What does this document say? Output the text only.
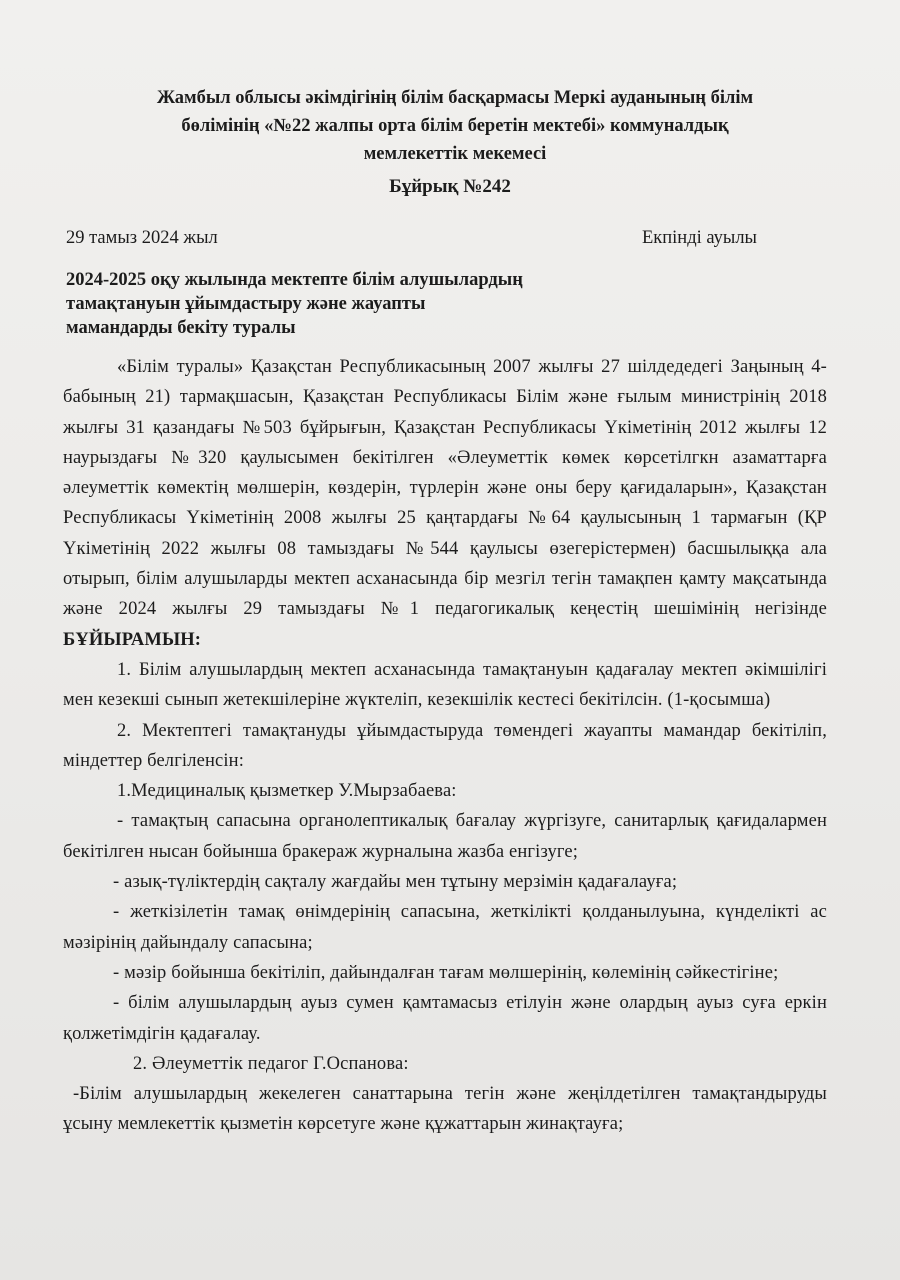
Жамбыл облысы әкімдігінің білім басқармасы Меркі ауданының білім
бөлімінің «№22 жалпы орта білім беретін мектебі» коммуналдық
мемлекеттік мекемесі
Бұйрық №242
29 тамыз 2024 жыл	Екпінді ауылы
2024-2025 оқу жылында мектепте білім алушылардың
тамақтануын ұйымдастыру және жауапты
мамандарды бекіту туралы

«Білім туралы» Қазақстан Республикасының 2007 жылғы 27 шілдедедегі Заңының 4-бабының 21) тармақшасын, Қазақстан Республикасы Білім және ғылым министрінің 2018 жылғы 31 қазандағы №503 бұйрығын, Қазақстан Республикасы Үкіметінің 2012 жылғы 12 наурыздағы №320 қаулысымен бекітілген «Әлеуметтік көмек көрсетілгкн азаматтарға әлеуметтік көмектің мөлшерін, көздерін, түрлерін және оны беру қағидаларын», Қазақстан Республикасы Үкіметінің 2008 жылғы 25 қаңтардағы №64 қаулысының 1 тармағын (ҚР Үкіметінің 2022 жылғы 08 тамыздағы №544 қаулысы өзегерістермен) басшылыққа ала отырып, білім алушыларды мектеп асханасында бір мезгіл тегін тамақпен қамту мақсатында және 2024 жылғы 29 тамыздағы №1 педагогикалық кеңестің шешімінің негізінде БҰЙЫРАМЫН:

1. Білім алушылардың мектеп асханасында тамақтануын қадағалау мектеп әкімшілігі мен кезекші сынып жетекшілеріне жүктеліп, кезекшілік кестесі бекітілсін. (1-қосымша)

2. Мектептегі тамақтануды ұйымдастыруда төмендегі жауапты мамандар бекітіліп, міндеттер белгіленсін:

1.Медициналық қызметкер У.Мырзабаева:

- тамақтың сапасына органолептикалық бағалау жүргізуге, санитарлық қағидалармен бекітілген нысан бойынша бракераж журналына жазба енгізуге;

- азық-түліктердің сақталу жағдайы мен тұтыну мерзімін қадағалауға;

- жеткізілетін тамақ өнімдерінің сапасына, жеткілікті қолданылуына, күнделікті ас мәзірінің дайындалу сапасына;

- мәзір бойынша бекітіліп, дайындалған тағам мөлшерінің, көлемінің сәйкестігіне;

- білім алушылардың ауыз сумен қамтамасыз етілуін және олардың ауыз суға еркін қолжетімдігін қадағалау.

2. Әлеуметтік педагог Г.Оспанова:

-Білім алушылардың жекелеген санаттарына тегін және жеңілдетілген тамақтандыруды ұсыну мемлекеттік қызметін көрсетуге және құжаттарын жинақтауға;
